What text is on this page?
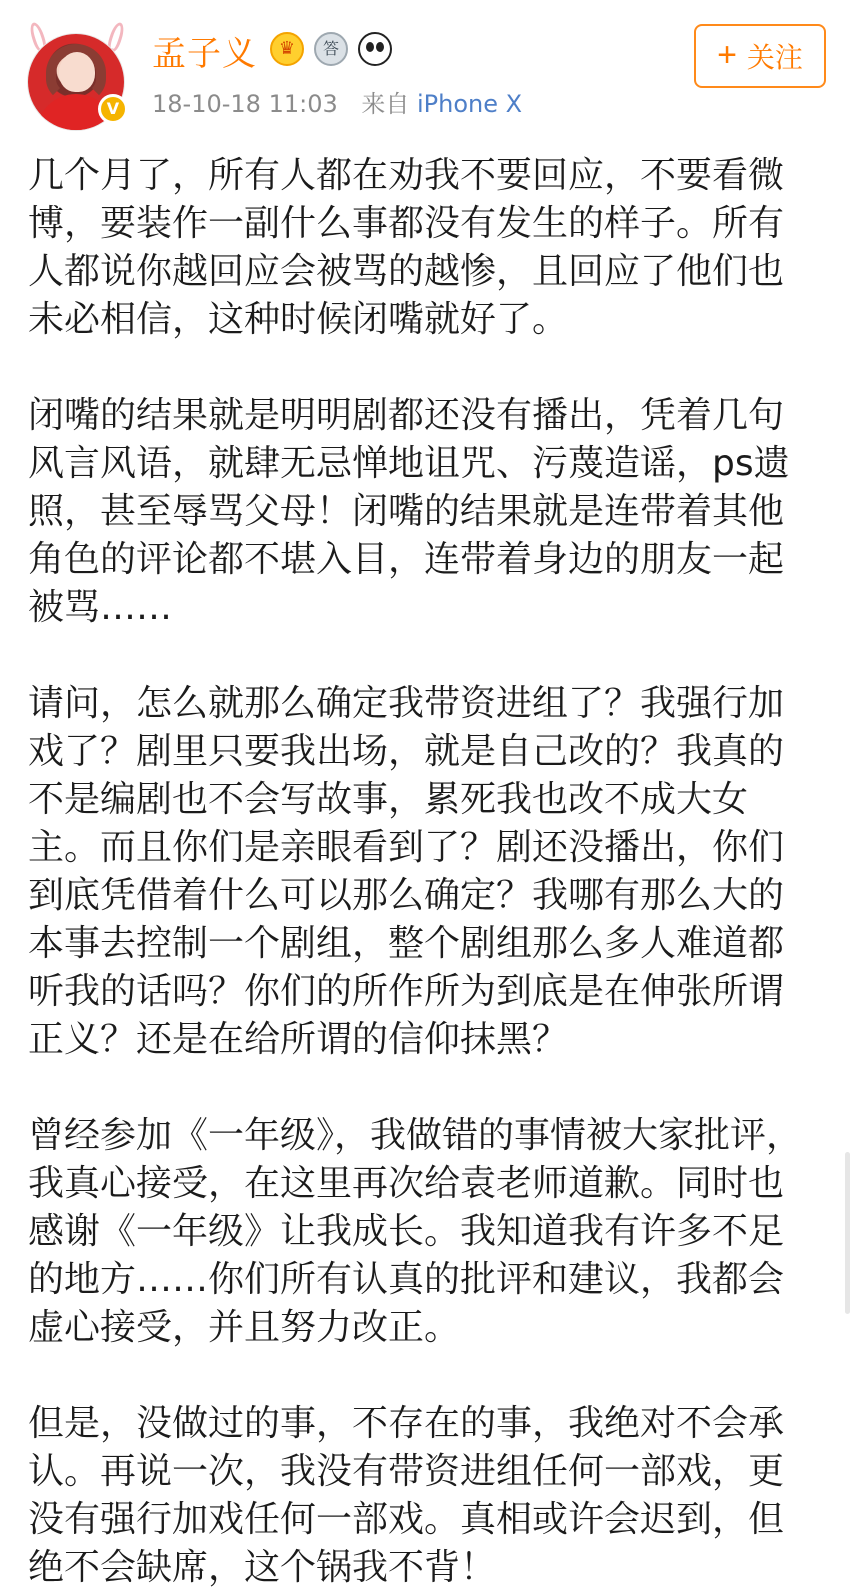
V
孟子义	♛	答
18-10-18 11:03 来自 iPhone X
+ 关注

几个月了，所有人都在劝我不要回应，不要看微博，要装作一副什么事都没有发生的样子。所有人都说你越回应会被骂的越惨，且回应了他们也未必相信，这种时候闭嘴就好了。

闭嘴的结果就是明明剧都还没有播出，凭着几句风言风语，就肆无忌惮地诅咒、污蔑造谣，ps遗照，甚至辱骂父母！闭嘴的结果就是连带着其他角色的评论都不堪入目，连带着身边的朋友一起被骂……

请问，怎么就那么确定我带资进组了？我强行加戏了？剧里只要我出场，就是自己改的？我真的不是编剧也不会写故事，累死我也改不成大女主。而且你们是亲眼看到了？剧还没播出，你们到底凭借着什么可以那么确定？我哪有那么大的本事去控制一个剧组，整个剧组那么多人难道都听我的话吗？你们的所作所为到底是在伸张所谓正义？还是在给所谓的信仰抹黑？

曾经参加《一年级》，我做错的事情被大家批评，我真心接受，在这里再次给袁老师道歉。同时也感谢《一年级》让我成长。我知道我有许多不足的地方……你们所有认真的批评和建议，我都会虚心接受，并且努力改正。

但是，没做过的事，不存在的事，我绝对不会承认。再说一次，我没有带资进组任何一部戏，更没有强行加戏任何一部戏。真相或许会迟到，但绝不会缺席，这个锅我不背！
